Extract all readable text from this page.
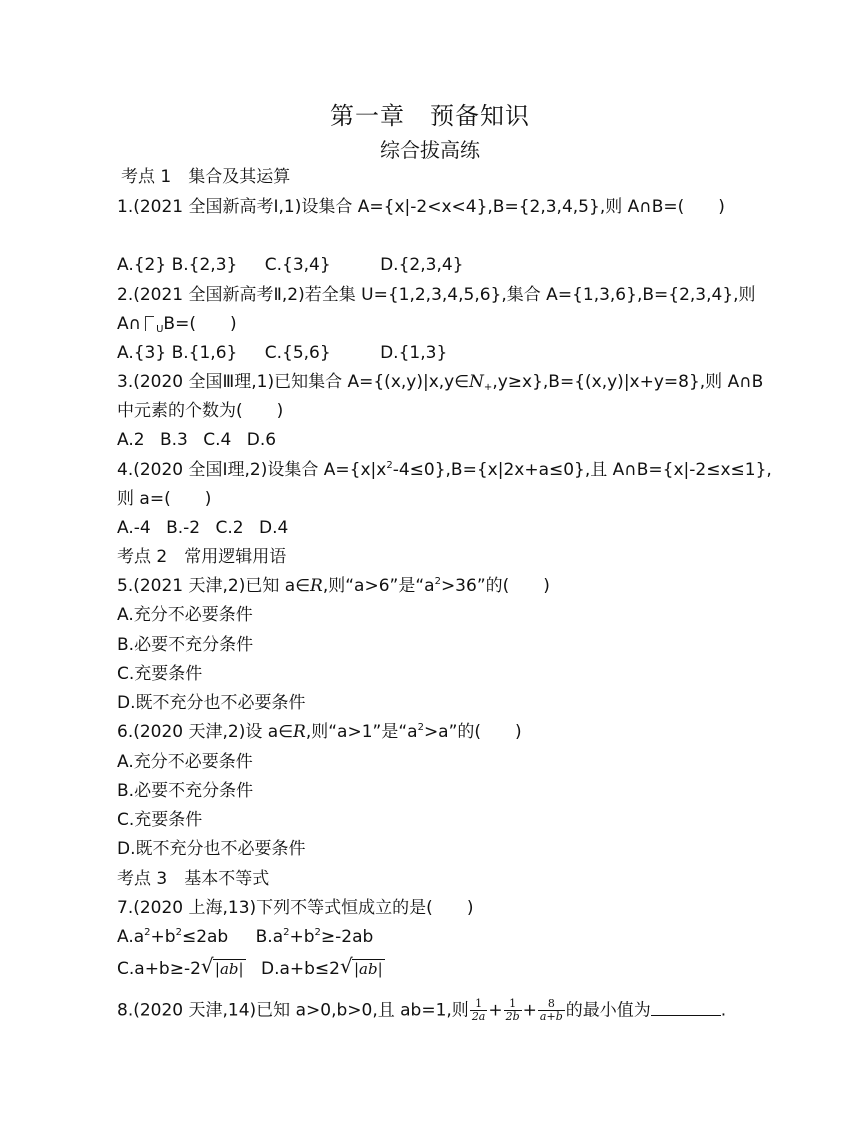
第一章　预备知识
综合拔高练
考点 1　集合及其运算
1.(2021 全国新高考Ⅰ,1)设集合 A={x|-2<x<4},B={2,3,4,5},则 A∩B=(　　)
A.{2} B.{2,3} C.{3,4}	D.{2,3,4}
2.(2021 全国新高考Ⅱ,2)若全集 U={1,2,3,4,5,6},集合 A={1,3,6},B={2,3,4},则
A∩ $_U$B=(　　)
A.{3} B.{1,6} C.{5,6}	D.{1,3}
3.(2020 全国Ⅲ理,1)已知集合 $A=\{(x,y)|x,y\in N_+,y\ge x\},B=\{(x,y)|x+y=8\}$,则 A∩B
中元素的个数为(　　)
A.2 B.3 C.4 D.6
4.(2020 全国Ⅰ理,2)设集合 $A=\{x|x^2-4\le 0\},B=\{x|2x+a\le 0\}$,且 A∩B={x|-2≤x≤1},
则 a=(　　)
A.-4 B.-2 C.2 D.4
考点 2　常用逻辑用语
5.(2021 天津,2)已知 a∈R,则“a>6”是“$a^2>36$”的(　　)
A.充分不必要条件
B.必要不充分条件
C.充要条件
D.既不充分也不必要条件
6.(2020 天津,2)设 a∈R,则“a>1”是“$a^2>a$”的(　　)
A.充分不必要条件
B.必要不充分条件
C.充要条件
D.既不充分也不必要条件
考点 3　基本不等式
7.(2020 上海,13)下列不等式恒成立的是(　　)
$A.a^2+b^2\le 2ab$ $B.a^2+b^2\ge-2ab$
C.a+b≥-2 √ |ab| D.a+b≤2 √ |ab|
8.(2020 天津,14)已知 a>0,b>0,且 ab=1,则 $\frac{1}{2a} + \frac{1}{2b} + \frac{8}{a+b}$ 的最小值为	.
